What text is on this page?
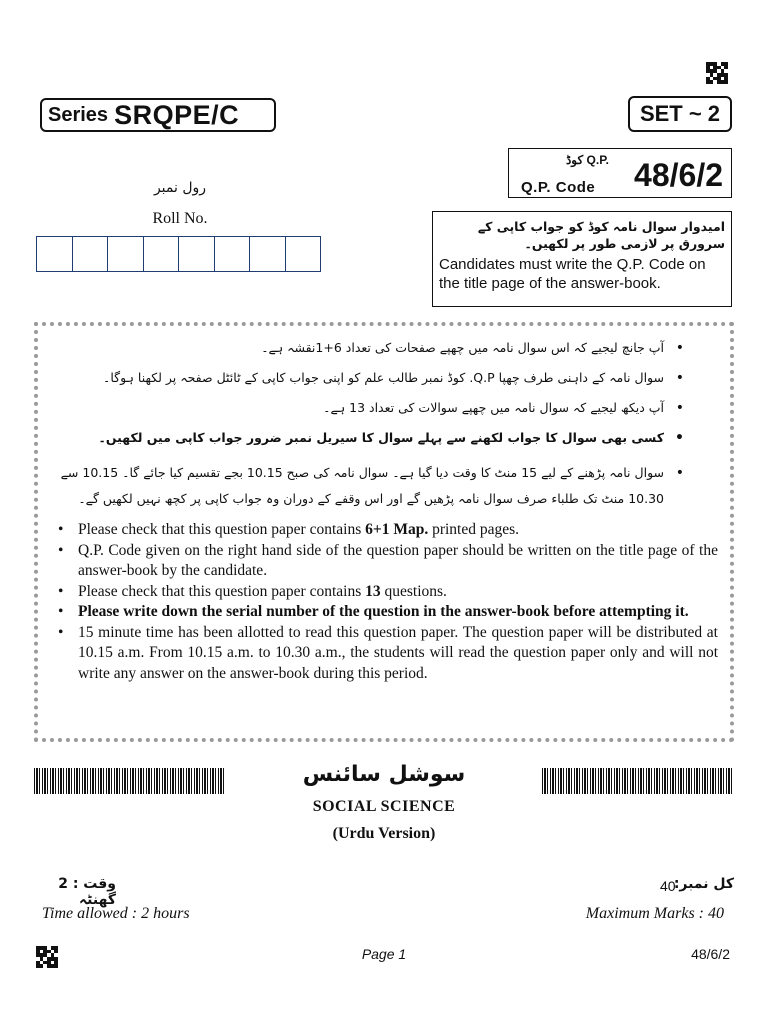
Series SRQPE/C	SET ~ 2
کوڈ Q.P.
Q.P. Code 48/6/2
رول نمبر
Roll No.	امیدوار سوال نامہ کوڈ کو جواب کاپی کے سرورق پر لازمی طور پر لکھیں۔
Candidates must write the Q.P. Code on the title page of the answer-book.
• آپ جانچ لیجیے کہ اس سوال نامہ میں چھپے صفحات کی تعداد 6+1نقشہ ہے۔
• سوال نامہ کے داہنی طرف چھپا Q.P. کوڈ نمبر طالب علم کو اپنی جواب کاپی کے ٹائٹل صفحہ پر لکھنا ہوگا۔
• آپ دیکھ لیجیے کہ سوال نامہ میں چھپے سوالات کی تعداد 13 ہے۔
• کسی بھی سوال کا جواب لکھنے سے پہلے سوال کا سیریل نمبر ضرور جواب کاپی میں لکھیں۔
• سوال نامہ پڑھنے کے لیے 15 منٹ کا وقت دیا گیا ہے۔ سوال نامہ کی صبح 10.15 بجے تقسیم کیا جائے گا۔ 10.15 سے 10.30 منٹ تک طلباء صرف سوال نامہ پڑھیں گے اور اس وقفے کے دوران وہ جواب کاپی پر کچھ نہیں لکھیں گے۔
• Please check that this question paper contains 6+1 Map. printed pages.
• Q.P. Code given on the right hand side of the question paper should be written on the title page of the answer-book by the candidate.
• Please check that this question paper contains 13 questions.
• Please write down the serial number of the question in the answer-book before attempting it.
• 15 minute time has been allotted to read this question paper. The question paper will be distributed at 10.15 a.m. From 10.15 a.m. to 10.30 a.m., the students will read the question paper only and will not write any answer on the answer-book during this period.
سوشل سائنس
SOCIAL SCIENCE
(Urdu Version)
وقت : 2 گھنٹہ
40
کل نمبر:
Time allowed : 2 hours	Maximum Marks : 40
Page 1	48/6/2
